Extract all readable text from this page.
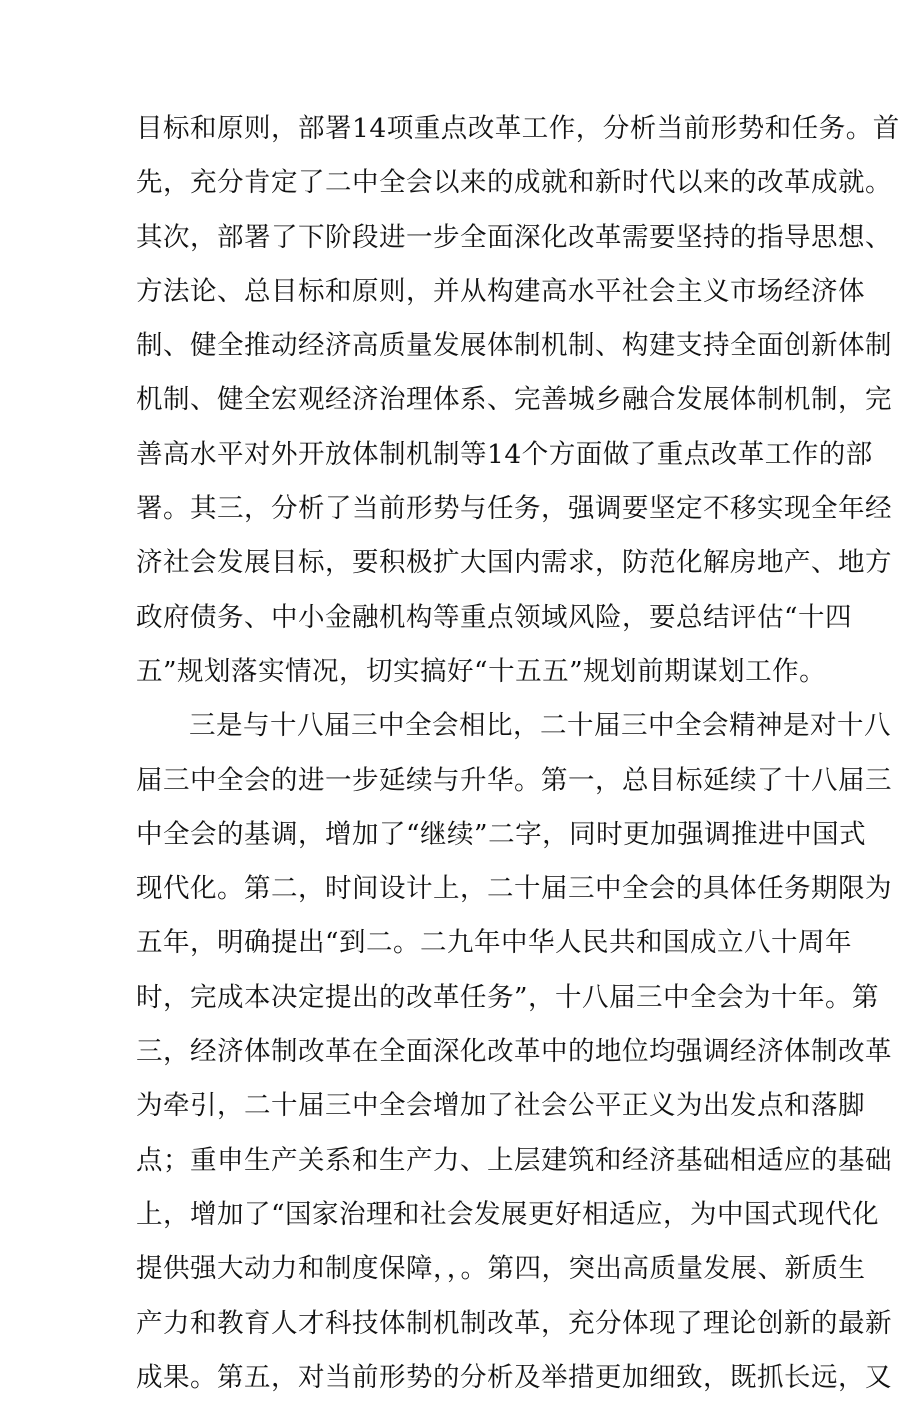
目标和原则，部署14项重点改革工作，分析当前形势和任务。首
先，充分肯定了二中全会以来的成就和新时代以来的改革成就。
其次，部署了下阶段进一步全面深化改革需要坚持的指导思想、
方法论、总目标和原则，并从构建高水平社会主义市场经济体
制、健全推动经济高质量发展体制机制、构建支持全面创新体制
机制、健全宏观经济治理体系、完善城乡融合发展体制机制，完
善高水平对外开放体制机制等14个方面做了重点改革工作的部
署。其三，分析了当前形势与任务，强调要坚定不移实现全年经
济社会发展目标，要积极扩大国内需求，防范化解房地产、地方
政府债务、中小金融机构等重点领域风险，要总结评估“十四
五”规划落实情况，切实搞好“十五五”规划前期谋划工作。
三是与十八届三中全会相比，二十届三中全会精神是对十八
届三中全会的进一步延续与升华。第一，总目标延续了十八届三
中全会的基调，增加了“继续”二字，同时更加强调推进中国式
现代化。第二，时间设计上，二十届三中全会的具体任务期限为
五年，明确提出“到二。二九年中华人民共和国成立八十周年
时，完成本决定提出的改革任务”，十八届三中全会为十年。第
三，经济体制改革在全面深化改革中的地位均强调经济体制改革
为牵引，二十届三中全会增加了社会公平正义为出发点和落脚
点；重申生产关系和生产力、上层建筑和经济基础相适应的基础
上，增加了“国家治理和社会发展更好相适应，为中国式现代化
提供强大动力和制度保障，，。第四，突出高质量发展、新质生
产力和教育人才科技体制机制改革，充分体现了理论创新的最新
成果。第五，对当前形势的分析及举措更加细致，既抓长远，又
